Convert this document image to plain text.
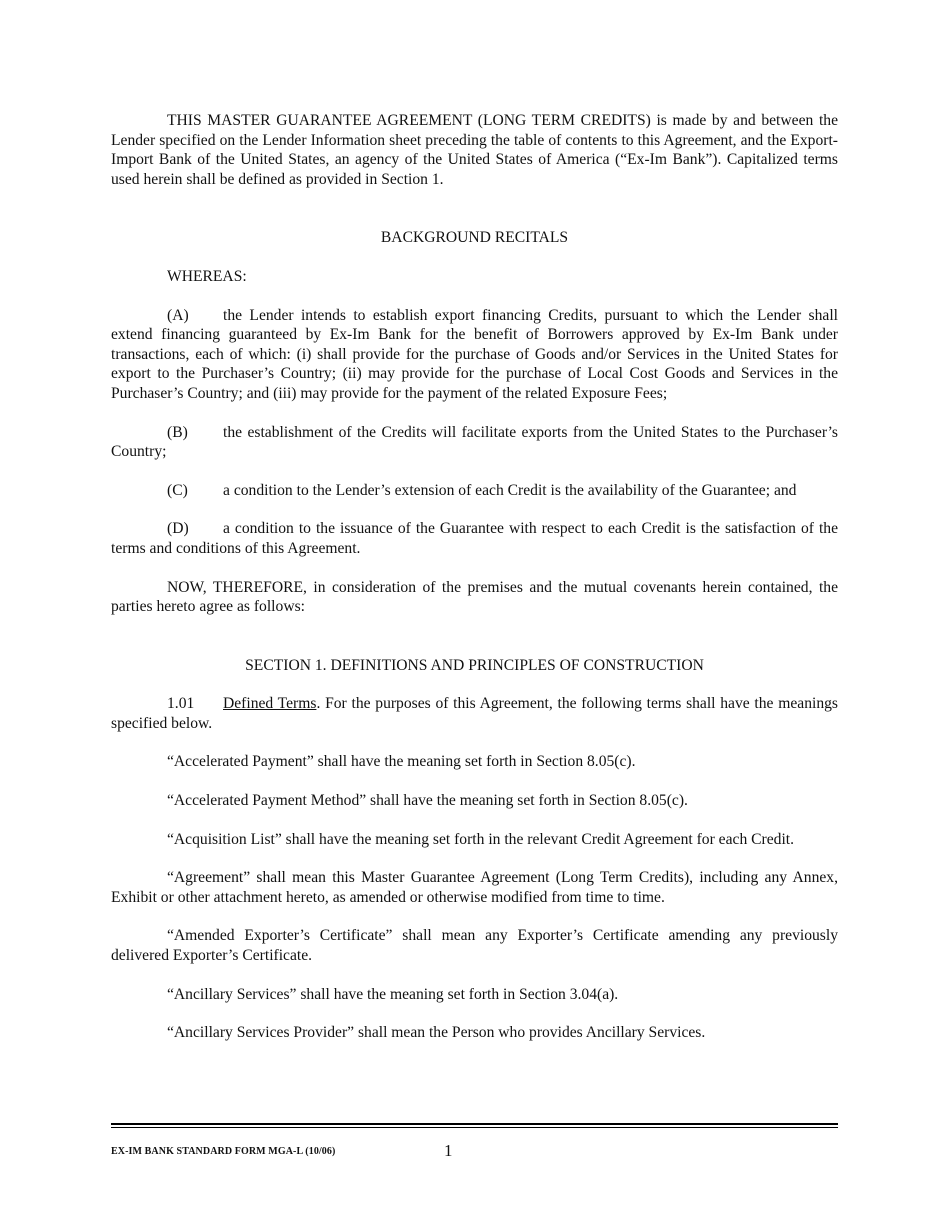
THIS MASTER GUARANTEE AGREEMENT (LONG TERM CREDITS) is made by and between the Lender specified on the Lender Information sheet preceding the table of contents to this Agreement, and the Export-Import Bank of the United States, an agency of the United States of America (“Ex-Im Bank”). Capitalized terms used herein shall be defined as provided in Section 1.

BACKGROUND RECITALS

WHEREAS:

(A) the Lender intends to establish export financing Credits, pursuant to which the Lender shall extend financing guaranteed by Ex-Im Bank for the benefit of Borrowers approved by Ex-Im Bank under transactions, each of which: (i) shall provide for the purchase of Goods and/or Services in the United States for export to the Purchaser’s Country; (ii) may provide for the purchase of Local Cost Goods and Services in the Purchaser’s Country; and (iii) may provide for the payment of the related Exposure Fees;

(B) the establishment of the Credits will facilitate exports from the United States to the Purchaser’s Country;

(C) a condition to the Lender’s extension of each Credit is the availability of the Guarantee; and

(D) a condition to the issuance of the Guarantee with respect to each Credit is the satisfaction of the terms and conditions of this Agreement.

NOW, THEREFORE, in consideration of the premises and the mutual covenants herein contained, the parties hereto agree as follows:

SECTION 1. DEFINITIONS AND PRINCIPLES OF CONSTRUCTION

1.01 Defined Terms. For the purposes of this Agreement, the following terms shall have the meanings specified below.

“Accelerated Payment” shall have the meaning set forth in Section 8.05(c).

“Accelerated Payment Method” shall have the meaning set forth in Section 8.05(c).

“Acquisition List” shall have the meaning set forth in the relevant Credit Agreement for each Credit.

“Agreement” shall mean this Master Guarantee Agreement (Long Term Credits), including any Annex, Exhibit or other attachment hereto, as amended or otherwise modified from time to time.

“Amended Exporter’s Certificate” shall mean any Exporter’s Certificate amending any previously delivered Exporter’s Certificate.

“Ancillary Services” shall have the meaning set forth in Section 3.04(a).

“Ancillary Services Provider” shall mean the Person who provides Ancillary Services.

EX-IM BANK STANDARD FORM MGA-L (10/06)	1
